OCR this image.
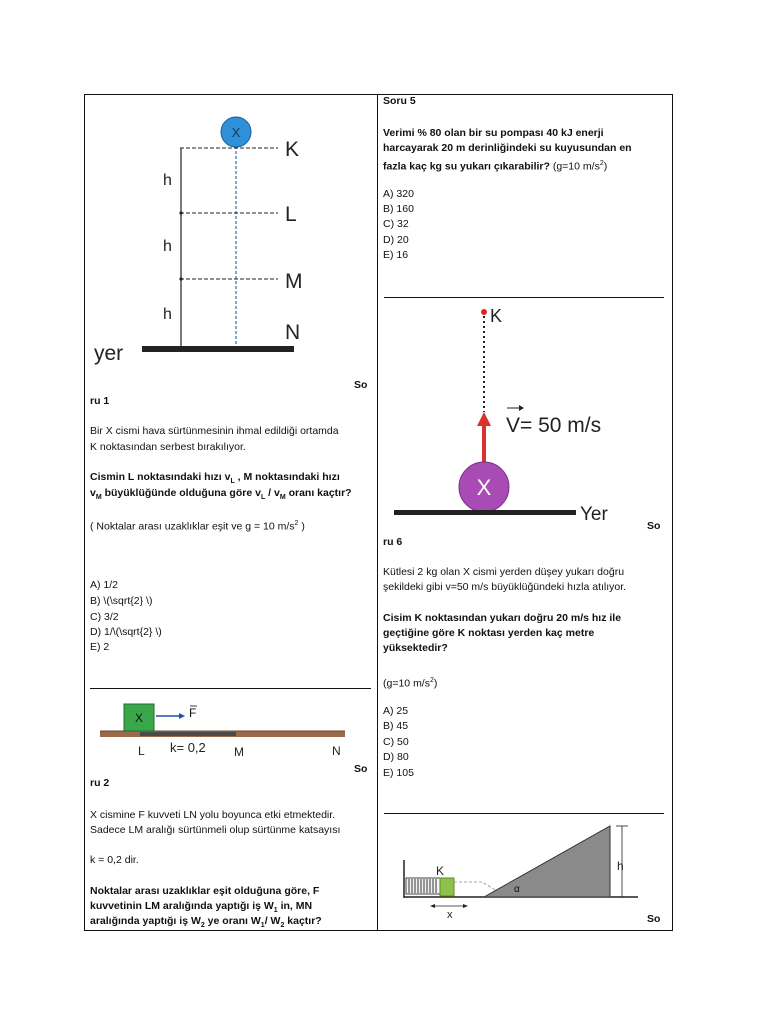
X
K
L
M
N
h
h
h
yer
So
ru 1
Bir X cismi hava sürtünmesinin ihmal edildiği ortamda
K noktasından serbest bırakılıyor.
Cismin L noktasındaki hızı $v_L$ , M noktasındaki hızı
$v_M$ büyüklüğünde olduğuna göre $v_L / v_M$ oranı kaçtır?
( Noktalar arası uzaklıklar eşit ve g = 10 $m/s^2$ )
A) 1/2
B) \(\sqrt{2} \)
C) 3/2
D) 1/\(\sqrt{2} \)
E) 2
X	F
L k= 0,2 M	N
So
ru 2
X cismine F kuvveti LN yolu boyunca etki etmektedir.
Sadece LM aralığı sürtünmeli olup sürtünme katsayısı
k = 0,2 dir.
Noktalar arası uzaklıklar eşit olduğuna göre, F
kuvvetinin LM aralığında yaptığı iş $W_1$ in, MN
aralığında yaptığı iş $W_2$ ye oranı $W_1/$ $W_2$ kaçtır?
Soru 5
Verimi % 80 olan bir su pompası 40 kJ enerji
harcayarak 20 m derinliğindeki su kuyusundan en
fazla kaç kg su yukarı çıkarabilir? (g=10 $m/s^2$)
A) 320
B) 160
C) 32
D) 20
E) 16
K
V= 50 m/s
X
Yer
So
ru 6
Kütlesi 2 kg olan X cismi yerden düşey yukarı doğru
şekildeki gibi v=50 m/s büyüklüğündeki hızla atılıyor.
Cisim K noktasından yukarı doğru 20 m/s hız ile
geçtiğine göre K noktası yerden kaç metre
yüksektedir?
(g=10 $m/s^2$)
A) 25
B) 45
C) 50
D) 80
E) 105
K
x
α
h
So
